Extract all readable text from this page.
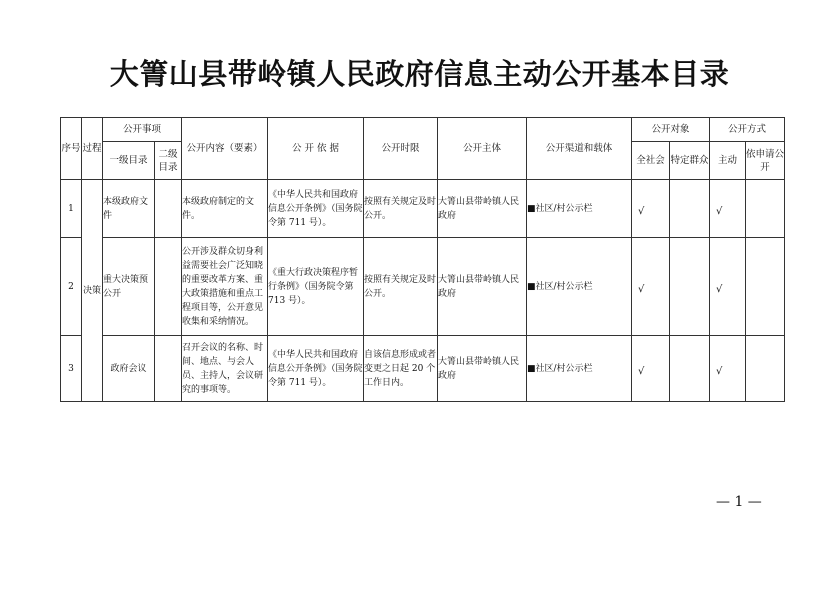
大箐山县带岭镇人民政府信息主动公开基本目录
序号	过程	公开事项		公开内容（要素）	公 开 依 据	公开时限	公开主体	公开渠道和载体	公开对象		公开方式	
		一级目录	二级目录						全社会	特定群众	主动	依申请公开
1	决策	本级政府文件		本级政府制定的文件。	《中华人民共和国政府信息公开条例》（国务院令第 711 号）。	按照有关规定及时公开。	大箐山县带岭镇人民政府	■社区/村公示栏	√		√	

2		重大决策预公开		公开涉及群众切身利益需要社会广泛知晓的重要改革方案、重大政策措施和重点工程项目等，公开意见收集和采纳情况。	《重大行政决策程序暂行条例》（国务院令第 713 号）。	按照有关规定及时公开。	大箐山县带岭镇人民政府	■社区/村公示栏	√		√	

3		政府会议		召开会议的名称、时间、地点、与会人员、主持人，会议研究的事项等。	《中华人民共和国政府信息公开条例》（国务院令第 711 号）。	自该信息形成或者变更之日起 20 个工作日内。	大箐山县带岭镇人民政府	■社区/村公示栏	√		√	

— 1 —
